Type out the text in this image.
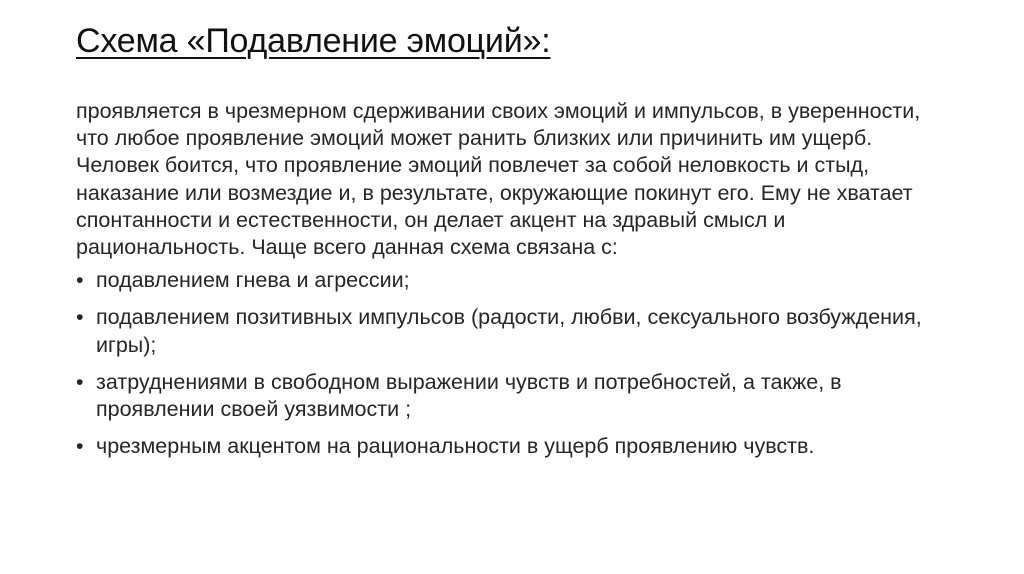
Схема «Подавление эмоций»:

проявляется в чрезмерном сдерживании своих эмоций и импульсов, в уверенности, что любое проявление эмоций может ранить близких или причинить им ущерб. Человек боится, что проявление эмоций повлечет за собой неловкость и стыд, наказание или возмездие и, в результате, окружающие покинут его. Ему не хватает спонтанности и естественности, он делает акцент на здравый смысл и рациональность. Чаще всего данная схема связана с:

• подавлением гнева и агрессии;
• подавлением позитивных импульсов (радости, любви, сексуального возбуждения, игры);
• затруднениями в свободном выражении чувств и потребностей, а также, в проявлении своей уязвимости ;
• чрезмерным акцентом на рациональности в ущерб проявлению чувств.
